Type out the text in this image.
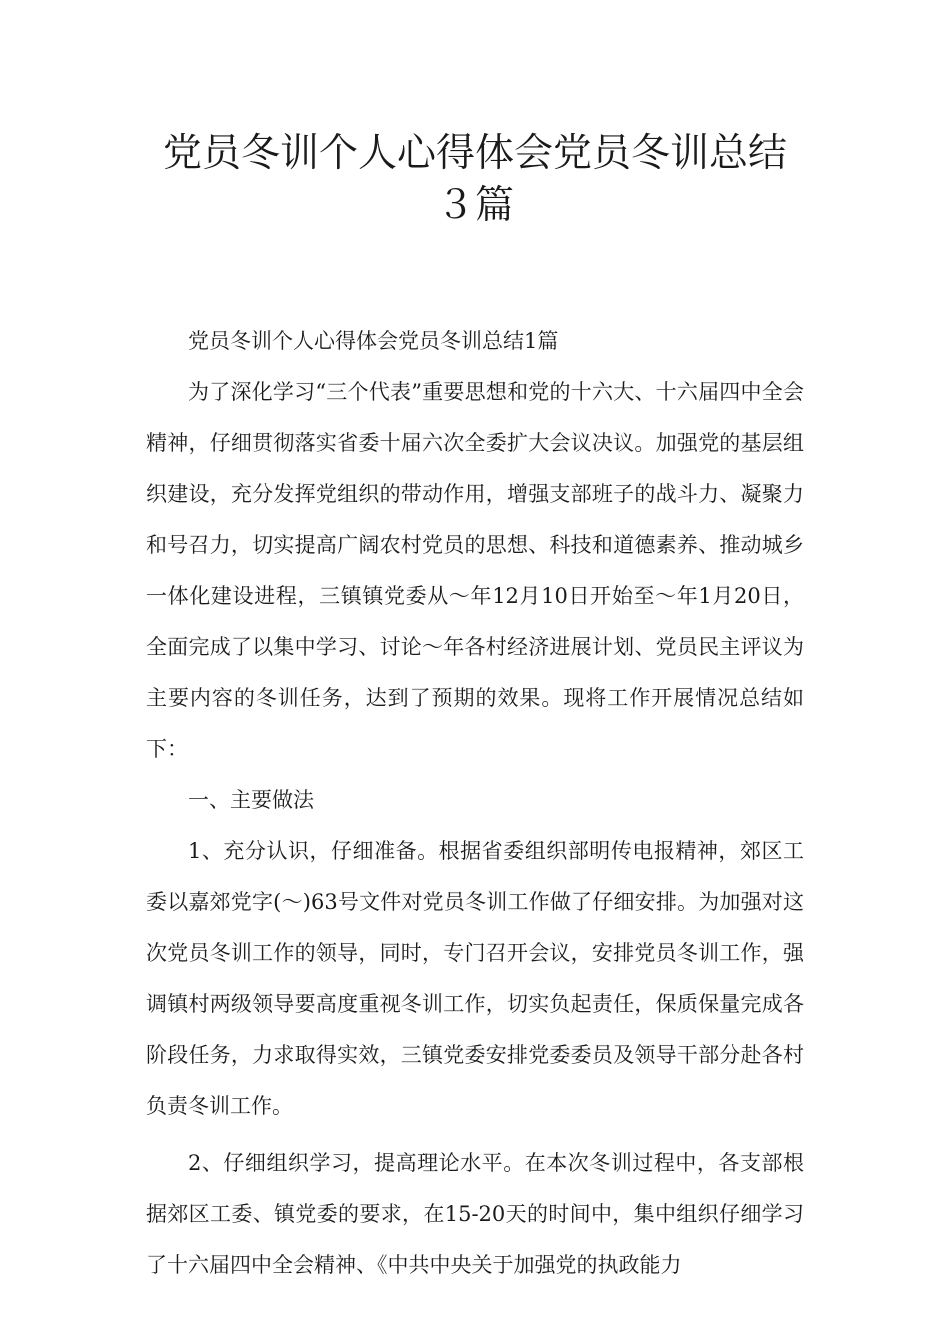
党员冬训个人心得体会党员冬训总结３篇

党员冬训个人心得体会党员冬训总结1篇

为了深化学习“三个代表”重要思想和党的十六大、十六届四中全会精神，仔细贯彻落实省委十届六次全委扩大会议决议。加强党的基层组织建设，充分发挥党组织的带动作用，增强支部班子的战斗力、凝聚力和号召力，切实提高广阔农村党员的思想、科技和道德素养、推动城乡一体化建设进程，三镇镇党委从～年12月10日开始至～年1月20日，全面完成了以集中学习、讨论～年各村经济进展计划、党员民主评议为主要内容的冬训任务，达到了预期的效果。现将工作开展情况总结如下：

一、主要做法

1、充分认识，仔细准备。根据省委组织部明传电报精神，郊区工委以嘉郊党字(～)63号文件对党员冬训工作做了仔细安排。为加强对这次党员冬训工作的领导，同时，专门召开会议，安排党员冬训工作，强调镇村两级领导要高度重视冬训工作，切实负起责任，保质保量完成各阶段任务，力求取得实效，三镇党委安排党委委员及领导干部分赴各村负责冬训工作。

2、仔细组织学习，提高理论水平。在本次冬训过程中，各支部根据郊区工委、镇党委的要求，在15-20天的时间中，集中组织仔细学习了十六届四中全会精神、《中共中央关于加强党的执政能力
